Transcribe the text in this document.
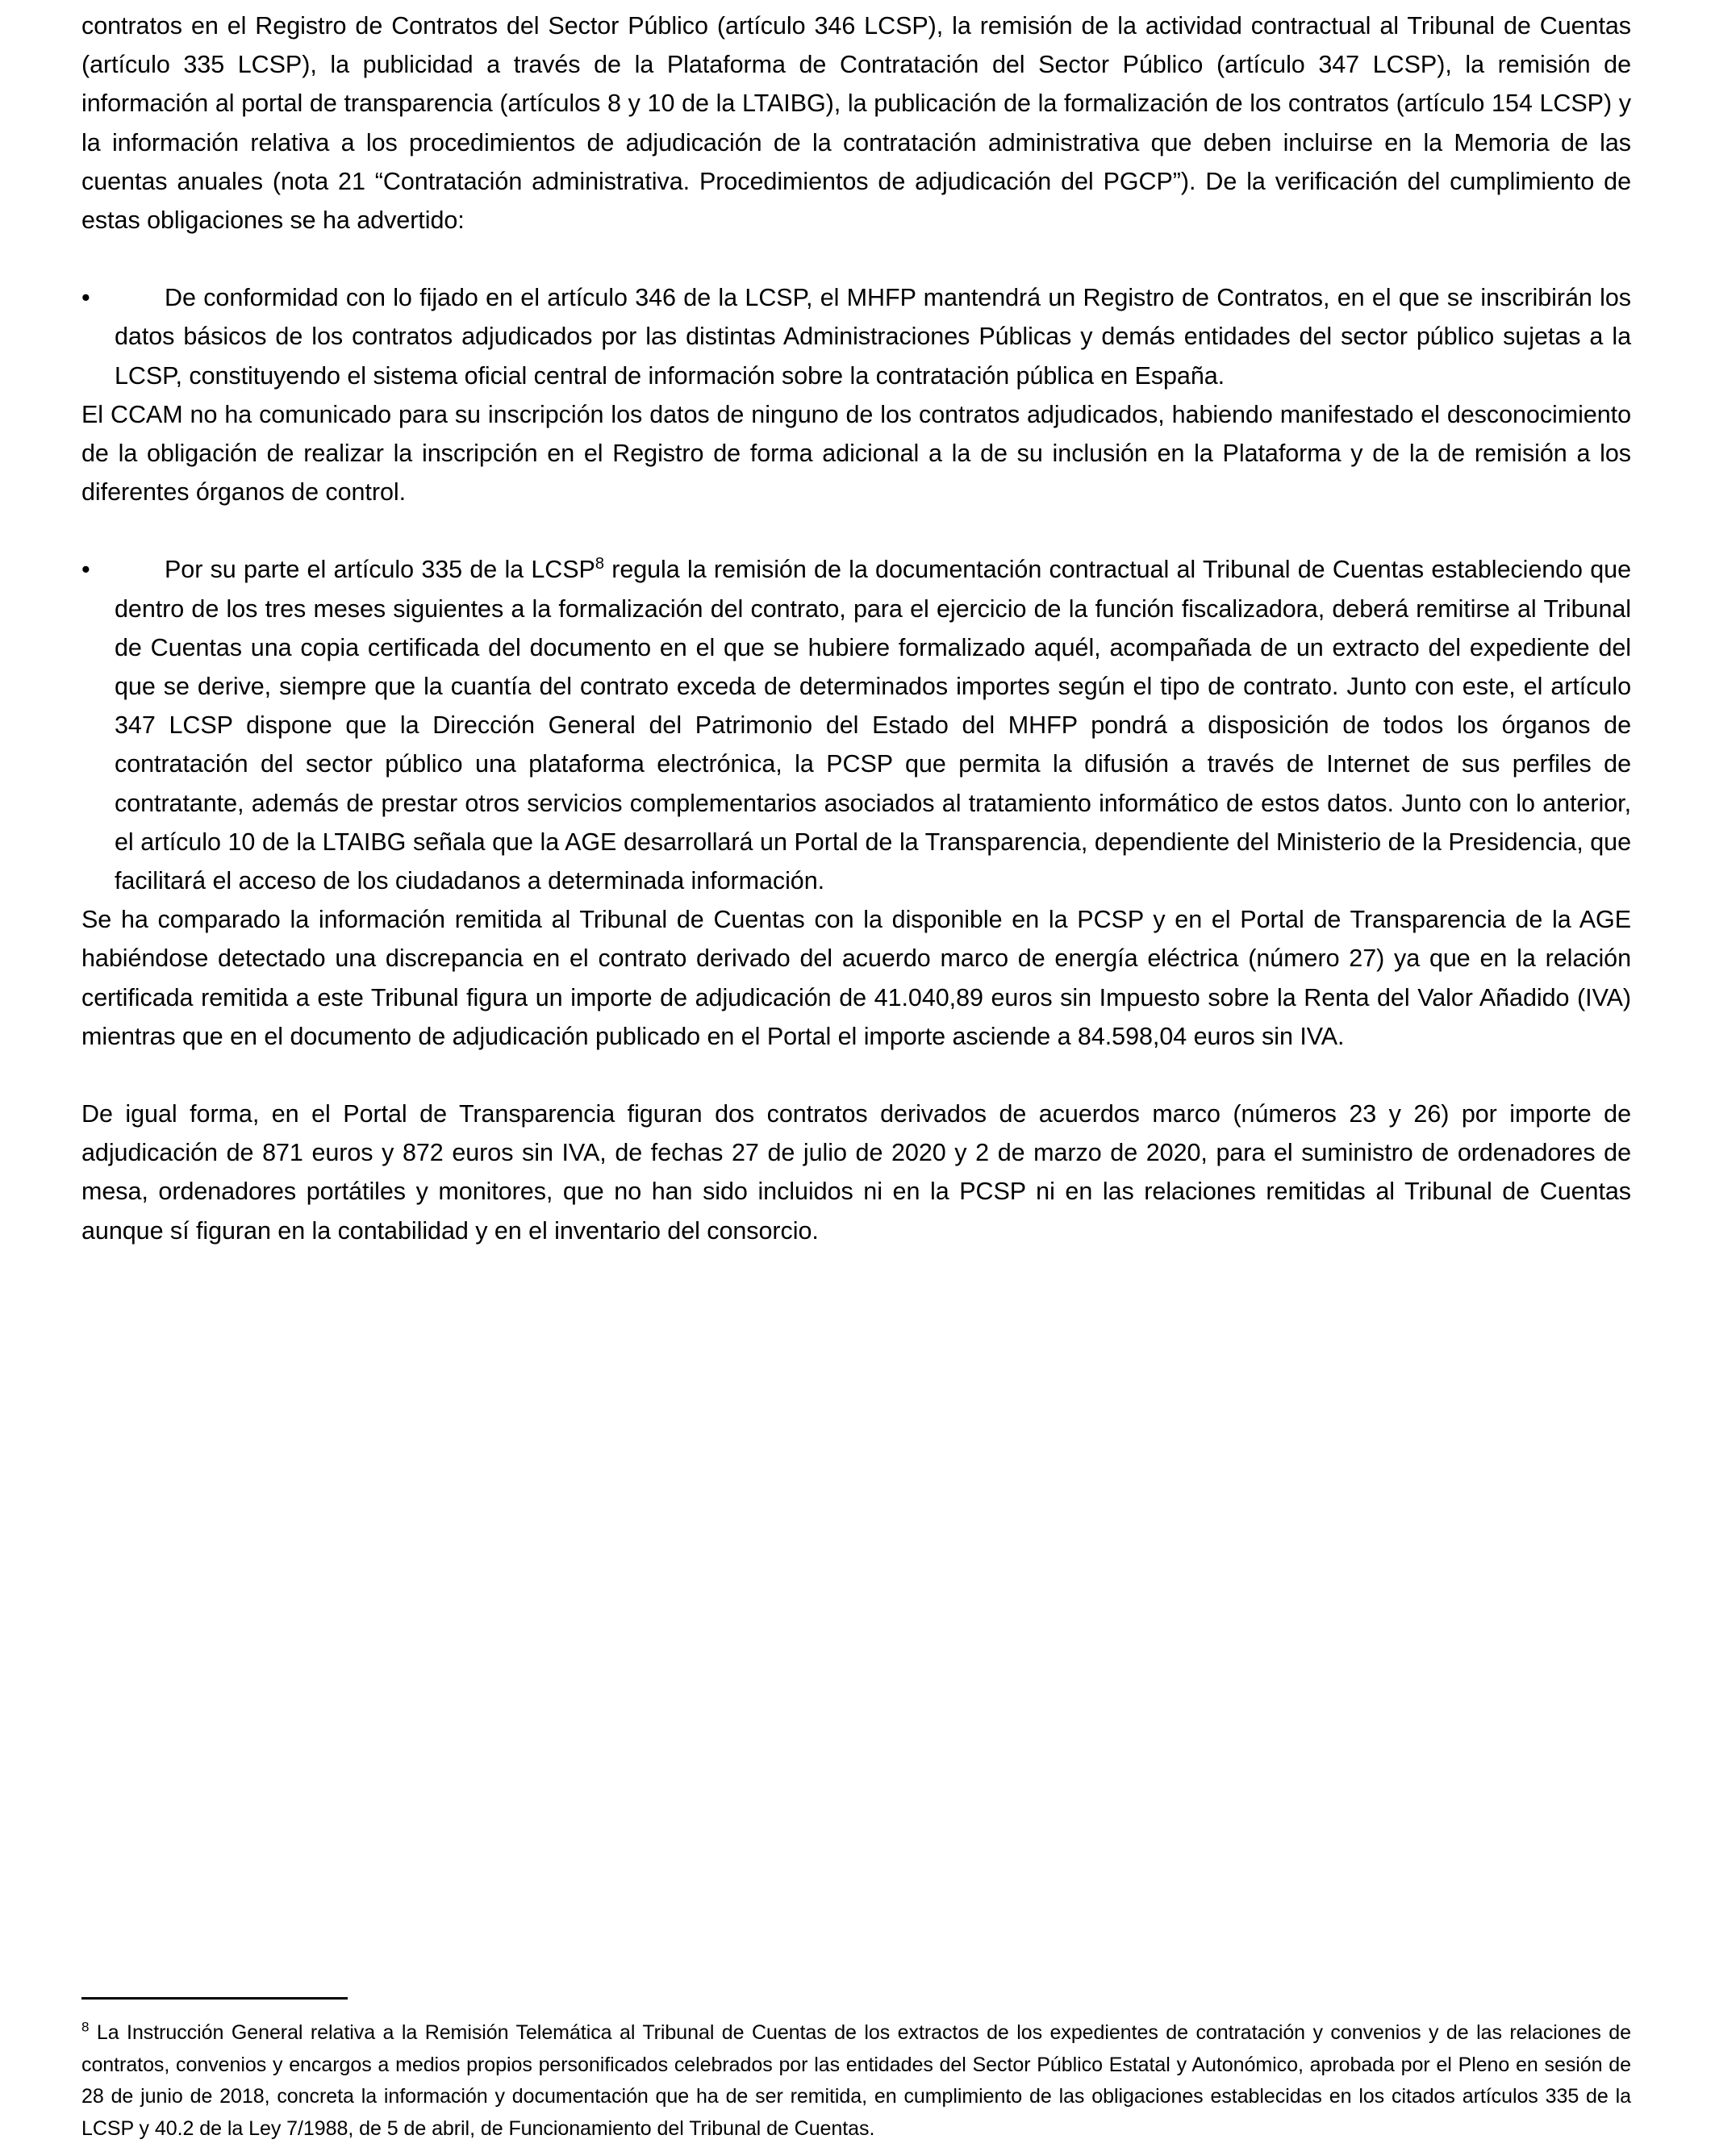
contratos en el Registro de Contratos del Sector Público (artículo 346 LCSP), la remisión de la actividad contractual al Tribunal de Cuentas (artículo 335 LCSP), la publicidad a través de la Plataforma de Contratación del Sector Público (artículo 347 LCSP), la remisión de información al portal de transparencia (artículos 8 y 10 de la LTAIBG), la publicación de la formalización de los contratos (artículo 154 LCSP) y la información relativa a los procedimientos de adjudicación de la contratación administrativa que deben incluirse en la Memoria de las cuentas anuales (nota 21 “Contratación administrativa. Procedimientos de adjudicación del PGCP”). De la verificación del cumplimiento de estas obligaciones se ha advertido:

•	De conformidad con lo fijado en el artículo 346 de la LCSP, el MHFP mantendrá un Registro de Contratos, en el que se inscribirán los datos básicos de los contratos adjudicados por las distintas Administraciones Públicas y demás entidades del sector público sujetas a la LCSP, constituyendo el sistema oficial central de información sobre la contratación pública en España.

El CCAM no ha comunicado para su inscripción los datos de ninguno de los contratos adjudicados, habiendo manifestado el desconocimiento de la obligación de realizar la inscripción en el Registro de forma adicional a la de su inclusión en la Plataforma y de la de remisión a los diferentes órganos de control.

•	Por su parte el artículo 335 de la LCSP$^8$ regula la remisión de la documentación contractual al Tribunal de Cuentas estableciendo que dentro de los tres meses siguientes a la formalización del contrato, para el ejercicio de la función fiscalizadora, deberá remitirse al Tribunal de Cuentas una copia certificada del documento en el que se hubiere formalizado aquél, acompañada de un extracto del expediente del que se derive, siempre que la cuantía del contrato exceda de determinados importes según el tipo de contrato. Junto con este, el artículo 347 LCSP dispone que la Dirección General del Patrimonio del Estado del MHFP pondrá a disposición de todos los órganos de contratación del sector público una plataforma electrónica, la PCSP que permita la difusión a través de Internet de sus perfiles de contratante, además de prestar otros servicios complementarios asociados al tratamiento informático de estos datos. Junto con lo anterior, el artículo 10 de la LTAIBG señala que la AGE desarrollará un Portal de la Transparencia, dependiente del Ministerio de la Presidencia, que facilitará el acceso de los ciudadanos a determinada información.

Se ha comparado la información remitida al Tribunal de Cuentas con la disponible en la PCSP y en el Portal de Transparencia de la AGE habiéndose detectado una discrepancia en el contrato derivado del acuerdo marco de energía eléctrica (número 27) ya que en la relación certificada remitida a este Tribunal figura un importe de adjudicación de 41.040,89 euros sin Impuesto sobre la Renta del Valor Añadido (IVA) mientras que en el documento de adjudicación publicado en el Portal el importe asciende a 84.598,04 euros sin IVA.

De igual forma, en el Portal de Transparencia figuran dos contratos derivados de acuerdos marco (números 23 y 26) por importe de adjudicación de 871 euros y 872 euros sin IVA, de fechas 27 de julio de 2020 y 2 de marzo de 2020, para el suministro de ordenadores de mesa, ordenadores portátiles y monitores, que no han sido incluidos ni en la PCSP ni en las relaciones remitidas al Tribunal de Cuentas aunque sí figuran en la contabilidad y en el inventario del consorcio.

$^8$ La Instrucción General relativa a la Remisión Telemática al Tribunal de Cuentas de los extractos de los expedientes de contratación y convenios y de las relaciones de contratos, convenios y encargos a medios propios personificados celebrados por las entidades del Sector Público Estatal y Autonómico, aprobada por el Pleno en sesión de 28 de junio de 2018, concreta la información y documentación que ha de ser remitida, en cumplimiento de las obligaciones establecidas en los citados artículos 335 de la LCSP y 40.2 de la Ley 7/1988, de 5 de abril, de Funcionamiento del Tribunal de Cuentas.
